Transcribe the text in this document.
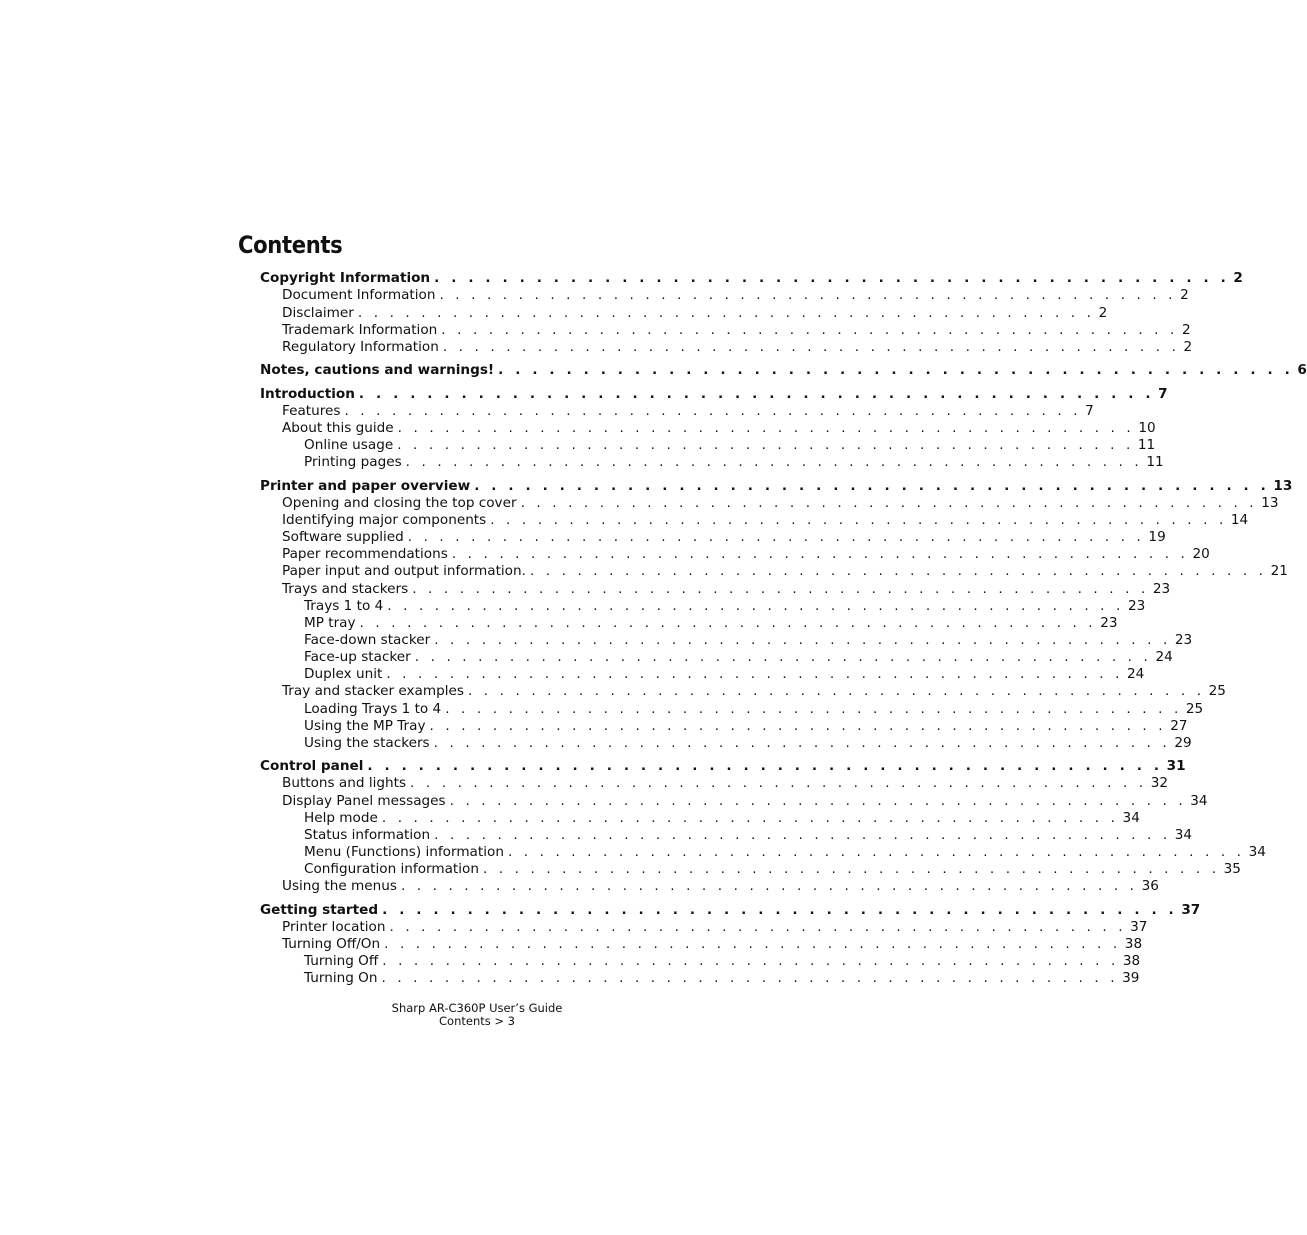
Contents
Copyright Information . . . . . . . . . . . . . . . . . . . . . . . . . . . . . . . . . . . . . . . . . . . . . . . 2
Document Information . . . . . . . . . . . . . . . . . . . . . . . . . . . . . . . . . . . . . . . . . . . . . . . 2
Disclaimer . . . . . . . . . . . . . . . . . . . . . . . . . . . . . . . . . . . . . . . . . . . . . . . 2
Trademark Information . . . . . . . . . . . . . . . . . . . . . . . . . . . . . . . . . . . . . . . . . . . . . . . 2
Regulatory Information . . . . . . . . . . . . . . . . . . . . . . . . . . . . . . . . . . . . . . . . . . . . . . . 2
Notes, cautions and warnings! . . . . . . . . . . . . . . . . . . . . . . . . . . . . . . . . . . . . . . . . . . . . . . . 6
Introduction . . . . . . . . . . . . . . . . . . . . . . . . . . . . . . . . . . . . . . . . . . . . . . . 7
Features . . . . . . . . . . . . . . . . . . . . . . . . . . . . . . . . . . . . . . . . . . . . . . . 7
About this guide . . . . . . . . . . . . . . . . . . . . . . . . . . . . . . . . . . . . . . . . . . . . . . . 10
Online usage . . . . . . . . . . . . . . . . . . . . . . . . . . . . . . . . . . . . . . . . . . . . . . . 11
Printing pages . . . . . . . . . . . . . . . . . . . . . . . . . . . . . . . . . . . . . . . . . . . . . . . 11
Printer and paper overview . . . . . . . . . . . . . . . . . . . . . . . . . . . . . . . . . . . . . . . . . . . . . . . 13
Opening and closing the top cover . . . . . . . . . . . . . . . . . . . . . . . . . . . . . . . . . . . . . . . . . . . . . . . 13
Identifying major components . . . . . . . . . . . . . . . . . . . . . . . . . . . . . . . . . . . . . . . . . . . . . . . 14
Software supplied . . . . . . . . . . . . . . . . . . . . . . . . . . . . . . . . . . . . . . . . . . . . . . . 19
Paper recommendations . . . . . . . . . . . . . . . . . . . . . . . . . . . . . . . . . . . . . . . . . . . . . . . 20
Paper input and output information. . . . . . . . . . . . . . . . . . . . . . . . . . . . . . . . . . . . . . . . . . . . . . . . 21
Trays and stackers . . . . . . . . . . . . . . . . . . . . . . . . . . . . . . . . . . . . . . . . . . . . . . . 23
Trays 1 to 4 . . . . . . . . . . . . . . . . . . . . . . . . . . . . . . . . . . . . . . . . . . . . . . . 23
MP tray . . . . . . . . . . . . . . . . . . . . . . . . . . . . . . . . . . . . . . . . . . . . . . . 23
Face-down stacker . . . . . . . . . . . . . . . . . . . . . . . . . . . . . . . . . . . . . . . . . . . . . . . 23
Face-up stacker . . . . . . . . . . . . . . . . . . . . . . . . . . . . . . . . . . . . . . . . . . . . . . . 24
Duplex unit . . . . . . . . . . . . . . . . . . . . . . . . . . . . . . . . . . . . . . . . . . . . . . . 24
Tray and stacker examples . . . . . . . . . . . . . . . . . . . . . . . . . . . . . . . . . . . . . . . . . . . . . . . 25
Loading Trays 1 to 4 . . . . . . . . . . . . . . . . . . . . . . . . . . . . . . . . . . . . . . . . . . . . . . . 25
Using the MP Tray . . . . . . . . . . . . . . . . . . . . . . . . . . . . . . . . . . . . . . . . . . . . . . . 27
Using the stackers . . . . . . . . . . . . . . . . . . . . . . . . . . . . . . . . . . . . . . . . . . . . . . . 29
Control panel . . . . . . . . . . . . . . . . . . . . . . . . . . . . . . . . . . . . . . . . . . . . . . . 31
Buttons and lights . . . . . . . . . . . . . . . . . . . . . . . . . . . . . . . . . . . . . . . . . . . . . . . 32
Display Panel messages . . . . . . . . . . . . . . . . . . . . . . . . . . . . . . . . . . . . . . . . . . . . . . . 34
Help mode . . . . . . . . . . . . . . . . . . . . . . . . . . . . . . . . . . . . . . . . . . . . . . . 34
Status information . . . . . . . . . . . . . . . . . . . . . . . . . . . . . . . . . . . . . . . . . . . . . . . 34
Menu (Functions) information . . . . . . . . . . . . . . . . . . . . . . . . . . . . . . . . . . . . . . . . . . . . . . . 34
Configuration information . . . . . . . . . . . . . . . . . . . . . . . . . . . . . . . . . . . . . . . . . . . . . . . 35
Using the menus . . . . . . . . . . . . . . . . . . . . . . . . . . . . . . . . . . . . . . . . . . . . . . . 36
Getting started . . . . . . . . . . . . . . . . . . . . . . . . . . . . . . . . . . . . . . . . . . . . . . . 37
Printer location . . . . . . . . . . . . . . . . . . . . . . . . . . . . . . . . . . . . . . . . . . . . . . . 37
Turning Off/On . . . . . . . . . . . . . . . . . . . . . . . . . . . . . . . . . . . . . . . . . . . . . . . 38
Turning Off . . . . . . . . . . . . . . . . . . . . . . . . . . . . . . . . . . . . . . . . . . . . . . . 38
Turning On . . . . . . . . . . . . . . . . . . . . . . . . . . . . . . . . . . . . . . . . . . . . . . . 39
Sharp AR-C360P User’s Guide
Contents > 3
